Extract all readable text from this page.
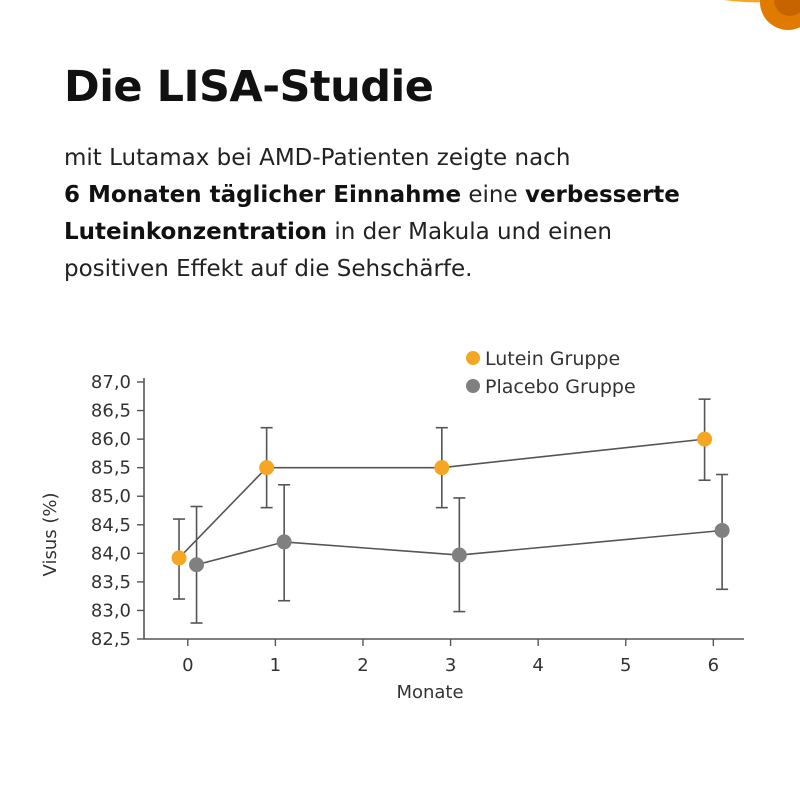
Die LISA-Studie
mit Lutamax bei AMD-Patienten zeigte nach
6 Monaten täglicher Einnahme eine verbesserte
Luteinkonzentration in der Makula und einen
positiven Effekt auf die Sehschärfe.
82,5
83,0
83,5
84,0
84,5
85,0
85,5
86,0
86,5
87,0
0	1	2	3	4	5	6
Monate
Visus (%)
Lutein Gruppe
Placebo Gruppe
